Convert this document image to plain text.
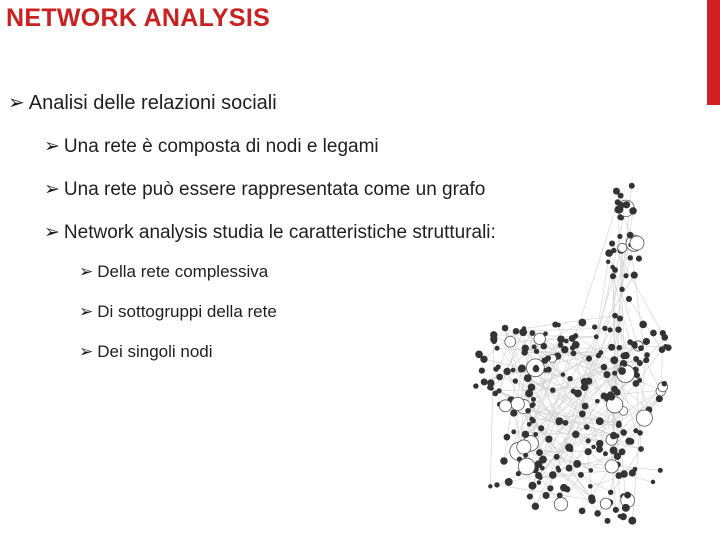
NETWORK ANALYSIS
➢ Analisi delle relazioni sociali
➢ Una rete è composta di nodi e legami
➢ Una rete può essere rappresentata come un grafo
➢ Network analysis studia le caratteristiche strutturali:
➢ Della rete complessiva
➢ Di sottogruppi della rete
➢ Dei singoli nodi
